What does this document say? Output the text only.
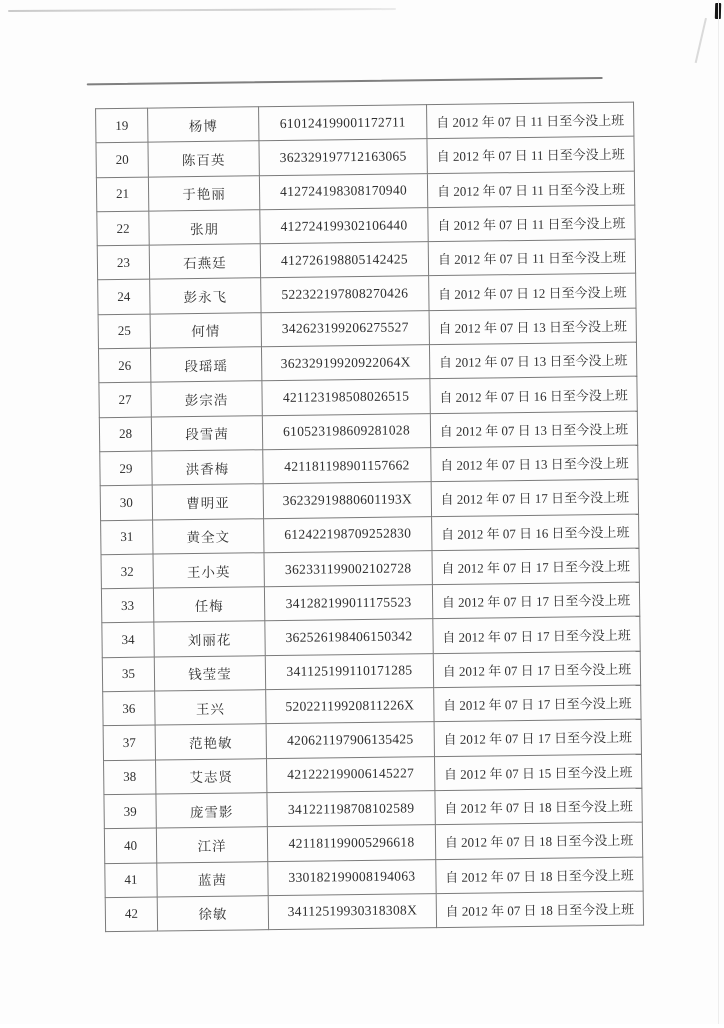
19	杨博	610124199001172711	自 2012 年 07 日 11 日至今没上班
20	陈百英	362329197712163065	自 2012 年 07 日 11 日至今没上班
21	于艳丽	412724198308170940	自 2012 年 07 日 11 日至今没上班
22	张朋	412724199302106440	自 2012 年 07 日 11 日至今没上班
23	石燕廷	412726198805142425	自 2012 年 07 日 11 日至今没上班
24	彭永飞	522322197808270426	自 2012 年 07 日 12 日至今没上班
25	何情	342623199206275527	自 2012 年 07 日 13 日至今没上班
26	段瑶瑶	36232919920922064X	自 2012 年 07 日 13 日至今没上班
27	彭宗浩	421123198508026515	自 2012 年 07 日 16 日至今没上班
28	段雪茜	610523198609281028	自 2012 年 07 日 13 日至今没上班
29	洪香梅	421181198901157662	自 2012 年 07 日 13 日至今没上班
30	曹明亚	36232919880601193X	自 2012 年 07 日 17 日至今没上班
31	黄全文	612422198709252830	自 2012 年 07 日 16 日至今没上班
32	王小英	362331199002102728	自 2012 年 07 日 17 日至今没上班
33	任梅	341282199011175523	自 2012 年 07 日 17 日至今没上班
34	刘丽花	362526198406150342	自 2012 年 07 日 17 日至今没上班
35	钱莹莹	341125199110171285	自 2012 年 07 日 17 日至今没上班
36	王兴	52022119920811226X	自 2012 年 07 日 17 日至今没上班
37	范艳敏	420621197906135425	自 2012 年 07 日 17 日至今没上班
38	艾志贤	421222199006145227	自 2012 年 07 日 15 日至今没上班
39	庞雪影	341221198708102589	自 2012 年 07 日 18 日至今没上班
40	江洋	421181199005296618	自 2012 年 07 日 18 日至今没上班
41	蓝茜	330182199008194063	自 2012 年 07 日 18 日至今没上班
42	徐敏	34112519930318308X	自 2012 年 07 日 18 日至今没上班
